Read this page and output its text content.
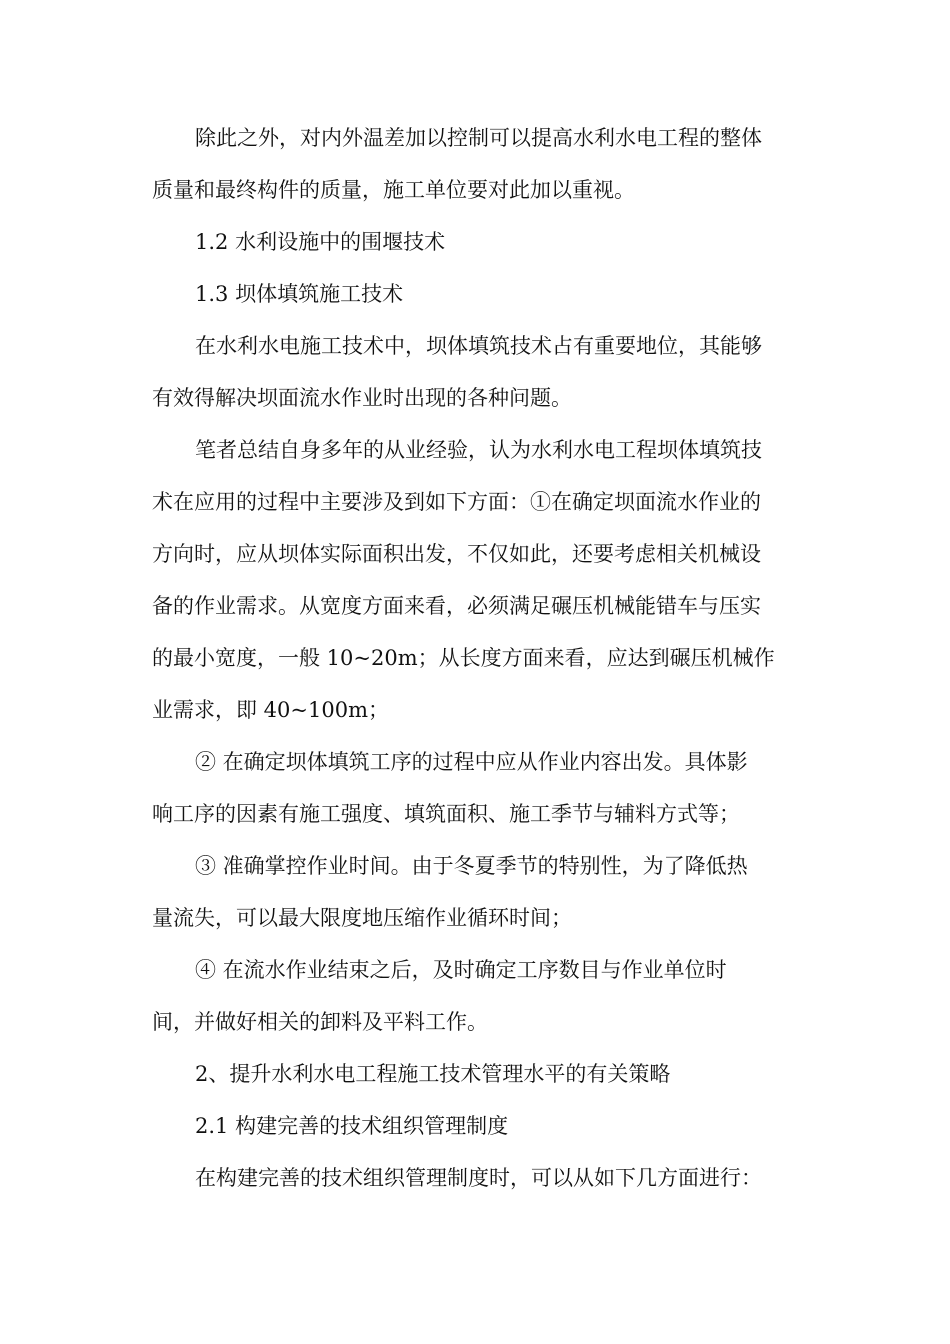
除此之外，对内外温差加以控制可以提高水利水电工程的整体
质量和最终构件的质量，施工单位要对此加以重视。
1.2 水利设施中的围堰技术
1.3 坝体填筑施工技术
在水利水电施工技术中，坝体填筑技术占有重要地位，其能够
有效得解决坝面流水作业时出现的各种问题。
笔者总结自身多年的从业经验，认为水利水电工程坝体填筑技
术在应用的过程中主要涉及到如下方面：①在确定坝面流水作业的
方向时，应从坝体实际面积出发，不仅如此，还要考虑相关机械设
备的作业需求。从宽度方面来看，必须满足碾压机械能错车与压实
的最小宽度，一般 10~20m；从长度方面来看，应达到碾压机械作
业需求，即 40~100m；
② 在确定坝体填筑工序的过程中应从作业内容出发。具体影
响工序的因素有施工强度、填筑面积、施工季节与辅料方式等；
③ 准确掌控作业时间。由于冬夏季节的特别性，为了降低热
量流失，可以最大限度地压缩作业循环时间；
④ 在流水作业结束之后，及时确定工序数目与作业单位时
间，并做好相关的卸料及平料工作。
2、提升水利水电工程施工技术管理水平的有关策略
2.1 构建完善的技术组织管理制度
在构建完善的技术组织管理制度时，可以从如下几方面进行：
